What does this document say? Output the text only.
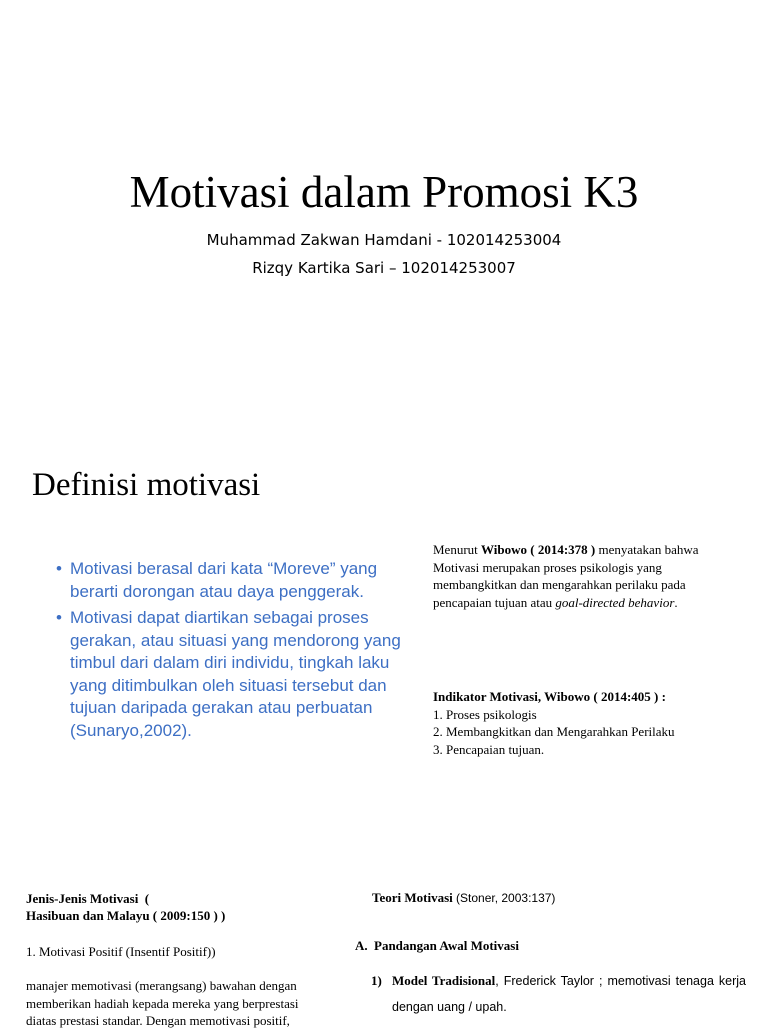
Motivasi dalam Promosi K3
Muhammad Zakwan Hamdani - 102014253004
Rizqy Kartika Sari – 102014253007
Definisi motivasi
• Motivasi berasal dari kata “Moreve” yang berarti dorongan atau daya penggerak.
• Motivasi dapat diartikan sebagai proses gerakan, atau situasi yang mendorong yang timbul dari dalam diri individu, tingkah laku yang ditimbulkan oleh situasi tersebut dan tujuan daripada gerakan atau perbuatan (Sunaryo,2002).
Menurut Wibowo ( 2014:378 ) menyatakan bahwa Motivasi merupakan proses psikologis yang membangkitkan dan mengarahkan perilaku pada pencapaian tujuan atau goal-directed behavior.
Indikator Motivasi, Wibowo ( 2014:405 ) :
1. Proses psikologis
2. Membangkitkan dan Mengarahkan Perilaku
3. Pencapaian tujuan.
Jenis-Jenis Motivasi  (
Hasibuan dan Malayu ( 2009:150 ) )
1. Motivasi Positif (Insentif Positif))
manajer memotivasi (merangsang) bawahan dengan memberikan hadiah kepada mereka yang berprestasi diatas prestasi standar. Dengan memotivasi positif,
Teori Motivasi (Stoner, 2003:137)
A. Pandangan Awal Motivasi
1) Model Tradisional, Frederick Taylor ; memotivasi tenaga kerja dengan uang / upah.
